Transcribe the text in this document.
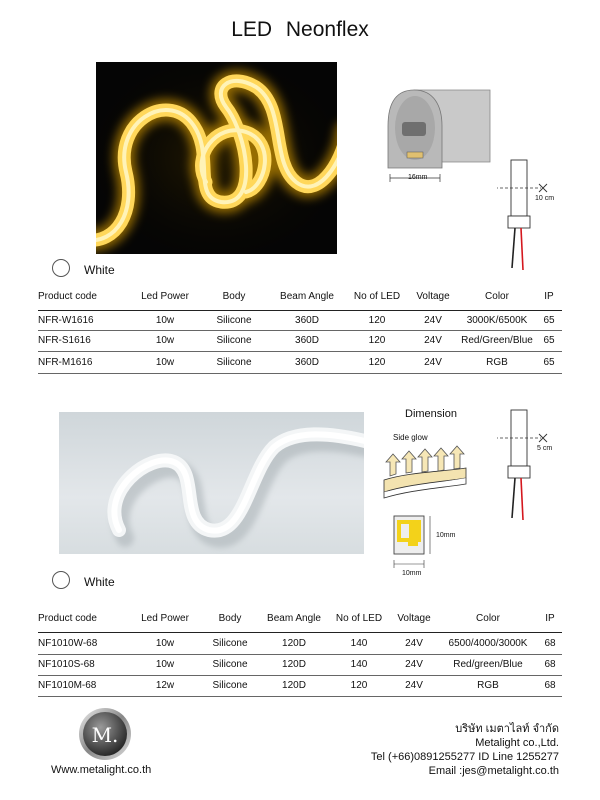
LED Neonflex
16mm
10 cm
White
Product code	Led Power	Body	Beam Angle	No of LED	Voltage	Color	IP
NFR-W1616	10w	Silicone	360D	120	24V	3000K/6500K	65
NFR-S1616	10w	Silicone	360D	120	24V	Red/Green/Blue	65
NFR-M1616	10w	Silicone	360D	120	24V	RGB	65
Dimension
Side glow
10mm
10mm
5 cm
White
Product code	Led Power	Body	Beam Angle	No of LED	Voltage	Color	IP
NF1010W-68	10w	Silicone	120D	140	24V	6500/4000/3000K	68
NF1010S-68	10w	Silicone	120D	140	24V	Red/green/Blue	68
NF1010M-68	12w	Silicone	120D	120	24V	RGB	68
M.
Www.metalight.co.th
บริษัท เมตาไลท์ จำกัด
Metalight co.,Ltd.
Tel (+66)0891255277 ID Line 1255277
Email :jes@metalight.co.th
